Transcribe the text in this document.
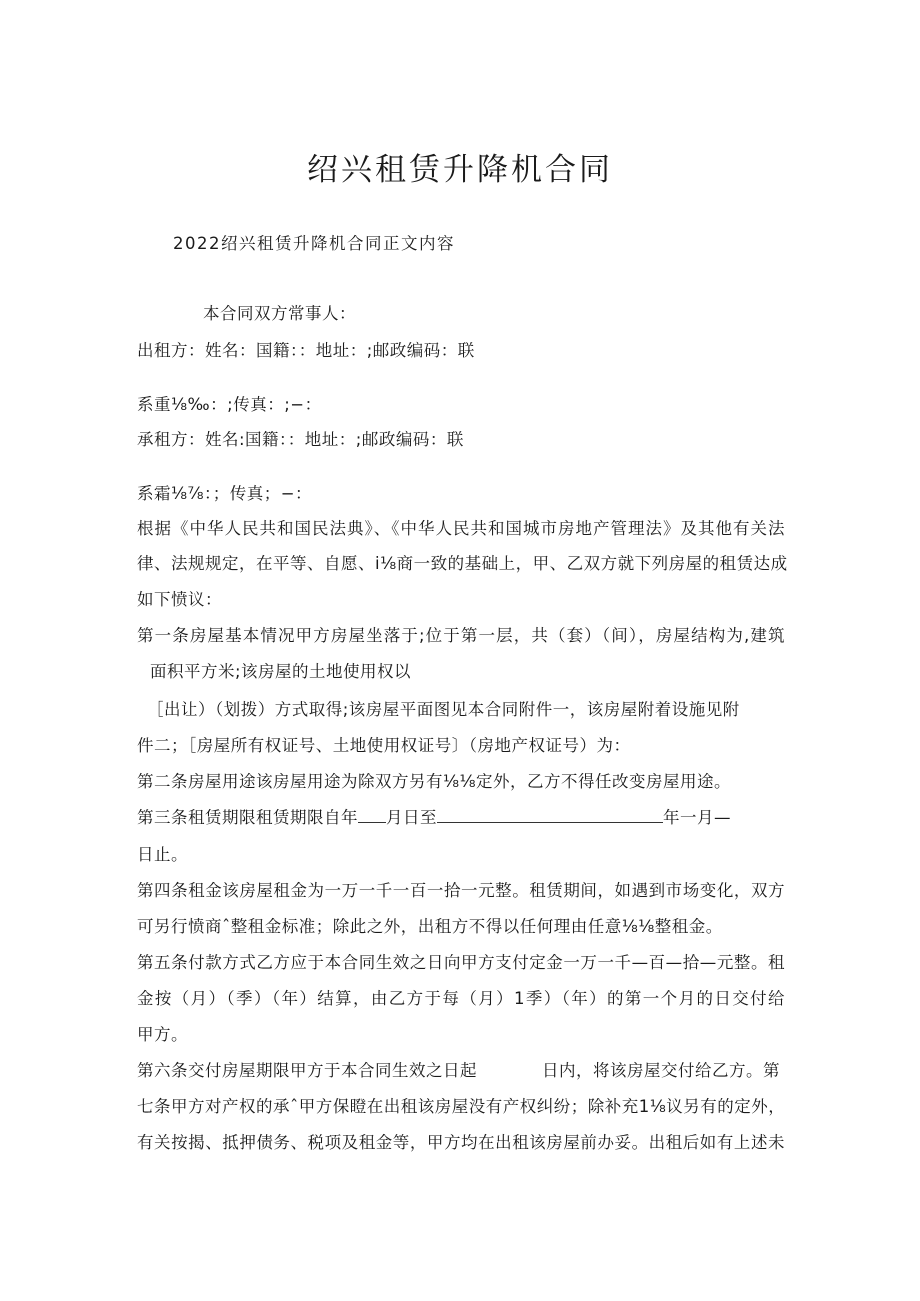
绍兴租赁升降机合同
2022绍兴租赁升降机合同正文内容
本合同双方常事人：
出租方：姓名：国籍：：地址：;邮政编码：联
系重⅛‰：;传真：;−：
承租方：姓名:国籍：：地址：;邮政编码：联
系霜⅛⅞：；传真；−：
根据《中华人民共和国民法典》、《中华人民共和国城市房地产管理法》及其他有关法
律、法规规定，在平等、自愿、i⅛商一致的基础上，甲、乙双方就下列房屋的租赁达成
如下愤议：
第一条房屋基本情况甲方房屋坐落于;位于第一层，共（套）（间），房屋结构为,建筑
面积平方米;该房屋的土地使用权以
［出让）（划拨）方式取得;该房屋平面图见本合同附件一，该房屋附着设施见附
件二；［房屋所有权证号、土地使用权证号〕（房地产权证号）为：
第二条房屋用途该房屋用途为除双方另有⅛⅛定外，乙方不得任改变房屋用途。
第三条租赁期限租赁期限自年 月日至	年一月—
日止。
第四条租金该房屋租金为一万一千一百一拾一元整。租赁期间，如遇到市场变化，双方
可另行愤商ˆ整租金标准；除此之外，出租方不得以任何理由任意⅛⅛整租金。
第五条付款方式乙方应于本合同生效之日向甲方支付定金一万一千—百—拾—元整。租
金按（月）（季）（年）结算，由乙方于每（月）1季）（年）的第一个月的日交付给
甲方。
第六条交付房屋期限甲方于本合同生效之日起	日内，将该房屋交付给乙方。第
七条甲方对产权的承ˆ甲方保瞪在出租该房屋没有产权纠纷；除补充1⅛议另有的定外，
有关按揭、抵押债务、税项及租金等，甲方均在出租该房屋前办妥。出租后如有上述未
